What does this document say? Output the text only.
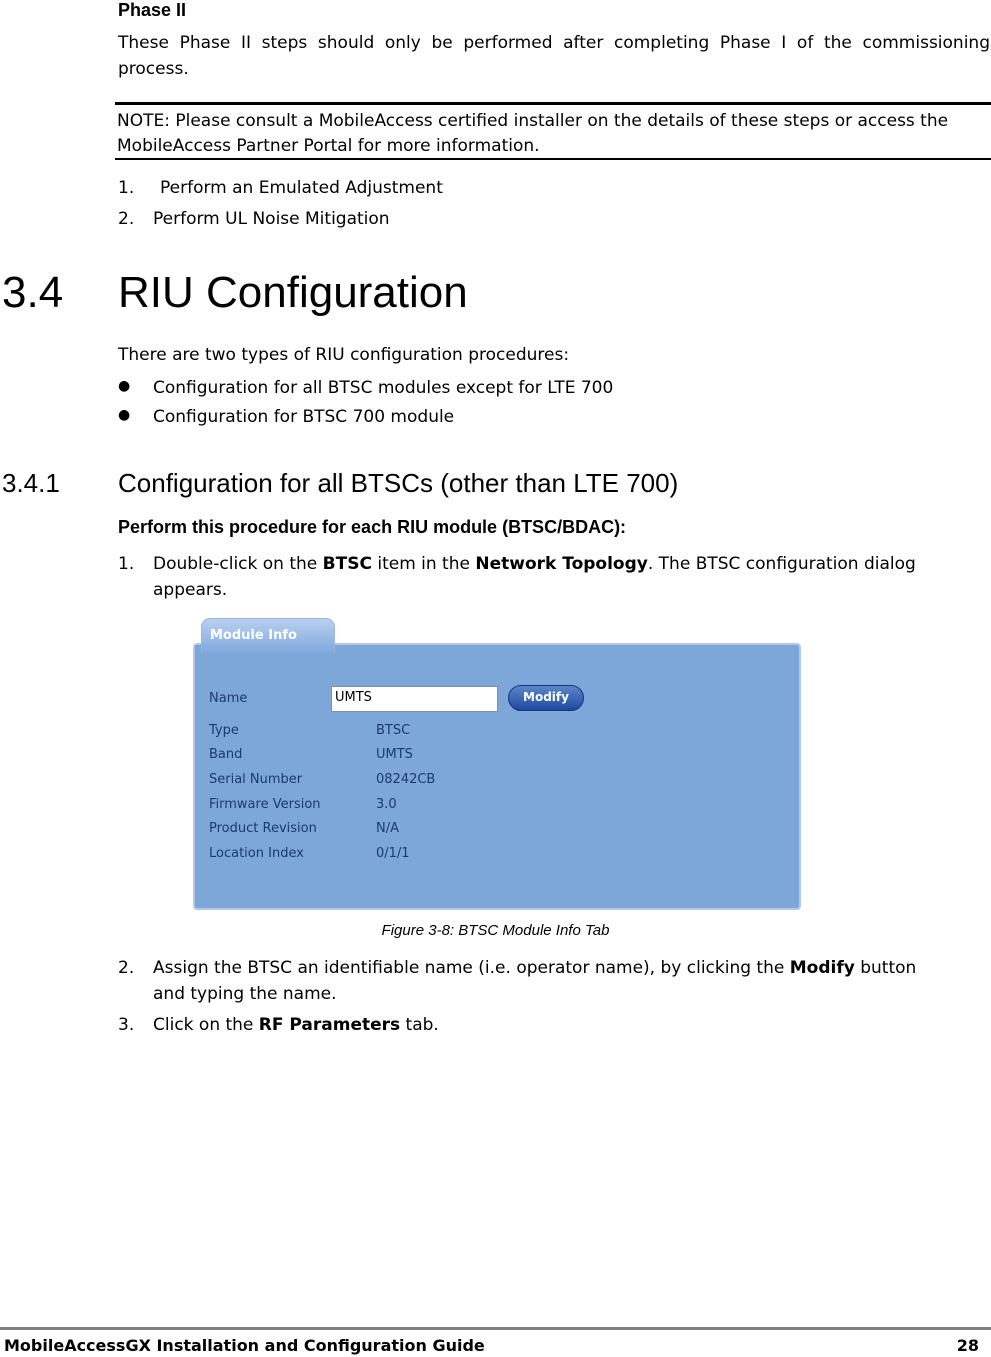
Phase II
These Phase II steps should only be performed after completing Phase I of the commissioning process.
NOTE: Please consult a MobileAccess certified installer on the details of these steps or access the MobileAccess Partner Portal for more information.
1. Perform an Emulated Adjustment
2. Perform UL Noise Mitigation
3.4 RIU Configuration
There are two types of RIU configuration procedures:
● Configuration for all BTSC modules except for LTE 700
● Configuration for BTSC 700 module
3.4.1 Configuration for all BTSCs (other than LTE 700)
Perform this procedure for each RIU module (BTSC/BDAC):
1. Double-click on the BTSC item in the Network Topology. The BTSC configuration dialog
appears.
Name	UMTS	Modify
Type	BTSC
Band	UMTS
Serial Number	08242CB
Firmware Version	3.0
Product Revision	N/A
Location Index	0/1/1
Module Info
Figure 3-8: BTSC Module Info Tab
2. Assign the BTSC an identifiable name (i.e. operator name), by clicking the Modify button
and typing the name.
3. Click on the RF Parameters tab.
MobileAccessGX Installation and Configuration Guide	28
